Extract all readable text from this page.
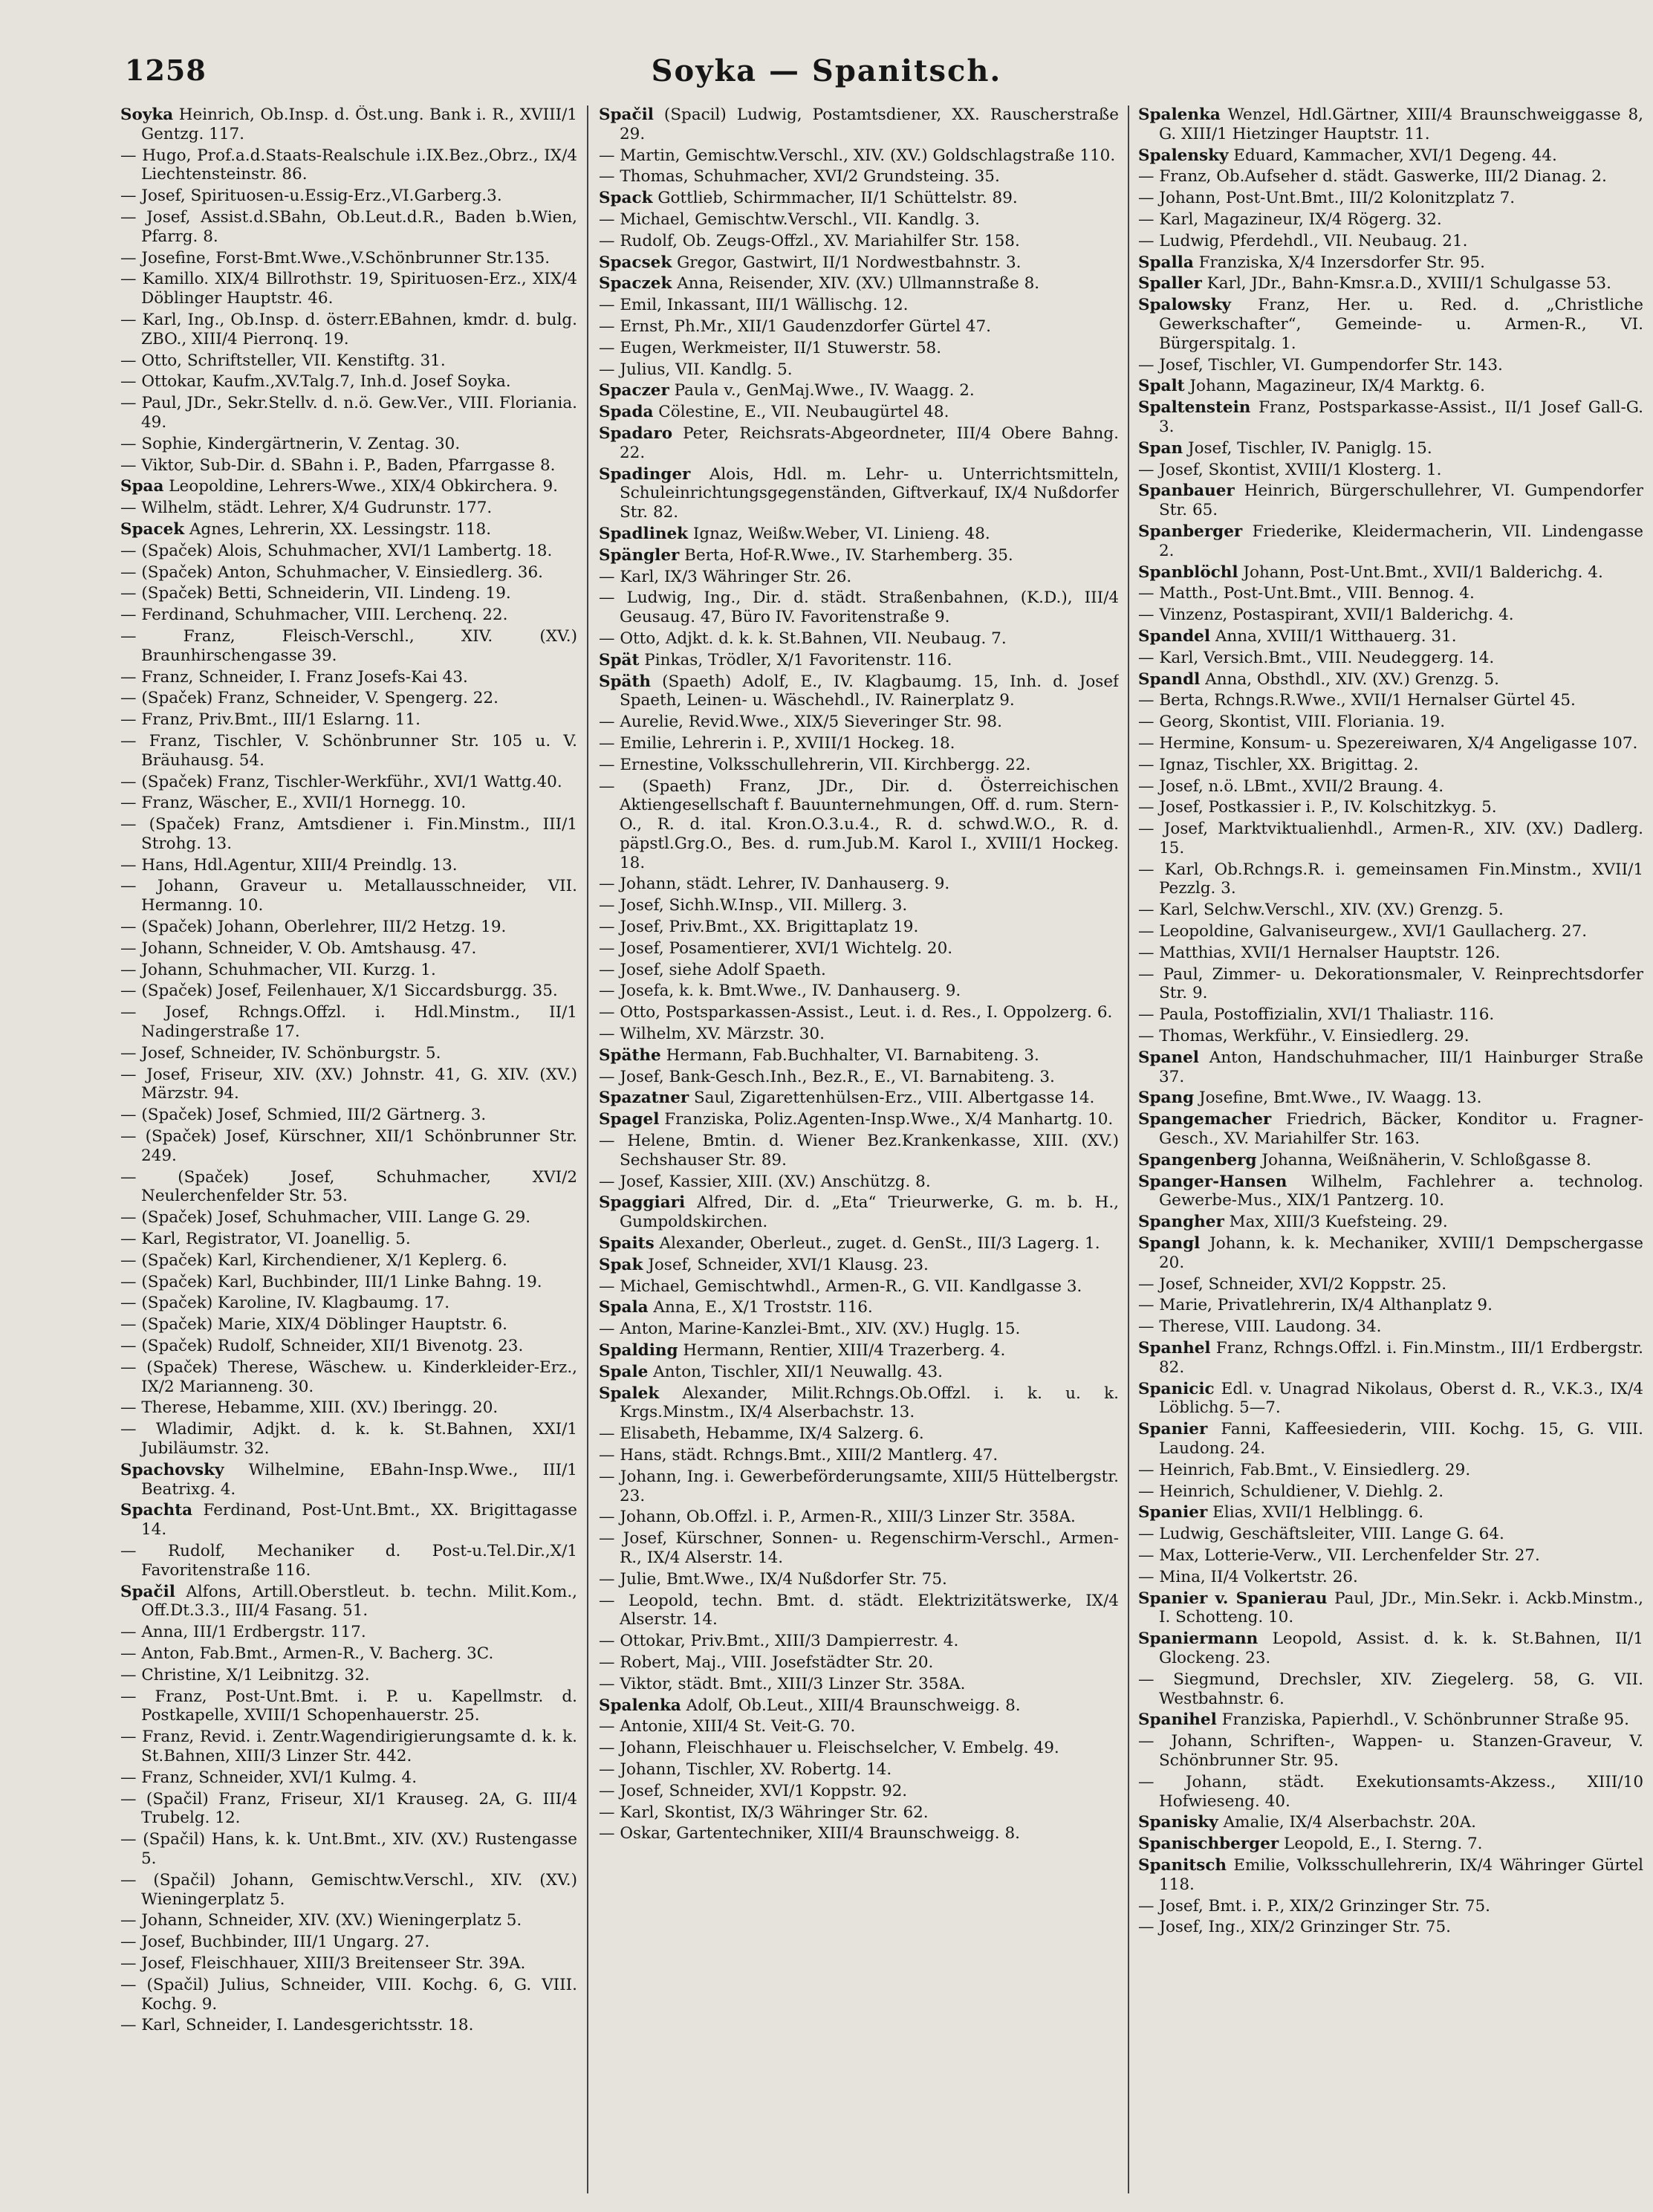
1258	Soyka — Spanitsch.

Soyka Heinrich, Ob.Insp. d. Öst.ung. Bank i. R., XVIII/1 Gentzg. 117.

— Hugo, Prof.a.d.Staats-Realschule i.IX.Bez.,Obrz., IX/4 Liechtensteinstr. 86.

— Josef, Spirituosen-u.Essig-Erz.,VI.Garberg.3.

— Josef, Assist.d.SBahn, Ob.Leut.d.R., Baden b.Wien, Pfarrg. 8.

— Josefine, Forst-Bmt.Wwe.,V.Schönbrunner Str.135.

— Kamillo. XIX/4 Billrothstr. 19, Spirituosen-Erz., XIX/4 Döblinger Hauptstr. 46.

— Karl, Ing., Ob.Insp. d. österr.EBahnen, kmdr. d. bulg. ZBO., XIII/4 Pierronq. 19.

— Otto, Schriftsteller, VII. Kenstiftg. 31.

— Ottokar, Kaufm.,XV.Talg.7, Inh.d. Josef Soyka.

— Paul, JDr., Sekr.Stellv. d. n.ö. Gew.Ver., VIII. Floriania. 49.

— Sophie, Kindergärtnerin, V. Zentag. 30.

— Viktor, Sub-Dir. d. SBahn i. P., Baden, Pfarrgasse 8.

Spaa Leopoldine, Lehrers-Wwe., XIX/4 Obkirchera. 9.

— Wilhelm, städt. Lehrer, X/4 Gudrunstr. 177.

Spacek Agnes, Lehrerin, XX. Lessingstr. 118.

— (Spaček) Alois, Schuhmacher, XVI/1 Lambertg. 18.

— (Spaček) Anton, Schuhmacher, V. Einsiedlerg. 36.

— (Spaček) Betti, Schneiderin, VII. Lindeng. 19.

— Ferdinand, Schuhmacher, VIII. Lerchenq. 22.

— Franz, Fleisch-Verschl., XIV. (XV.) Braunhirschengasse 39.

— Franz, Schneider, I. Franz Josefs-Kai 43.

— (Spaček) Franz, Schneider, V. Spengerg. 22.

— Franz, Priv.Bmt., III/1 Eslarng. 11.

— Franz, Tischler, V. Schönbrunner Str. 105 u. V. Bräuhausg. 54.

— (Spaček) Franz, Tischler-Werkführ., XVI/1 Wattg.40.

— Franz, Wäscher, E., XVII/1 Hornegg. 10.

— (Spaček) Franz, Amtsdiener i. Fin.Minstm., III/1 Strohg. 13.

— Hans, Hdl.Agentur, XIII/4 Preindlg. 13.

— Johann, Graveur u. Metallausschneider, VII. Hermanng. 10.

— (Spaček) Johann, Oberlehrer, III/2 Hetzg. 19.

— Johann, Schneider, V. Ob. Amtshausg. 47.

— Johann, Schuhmacher, VII. Kurzg. 1.

— (Spaček) Josef, Feilenhauer, X/1 Siccardsburgg. 35.

— Josef, Rchngs.Offzl. i. Hdl.Minstm., II/1 Nadingerstraße 17.

— Josef, Schneider, IV. Schönburgstr. 5.

— Josef, Friseur, XIV. (XV.) Johnstr. 41, G. XIV. (XV.) Märzstr. 94.

— (Spaček) Josef, Schmied, III/2 Gärtnerg. 3.

— (Spaček) Josef, Kürschner, XII/1 Schönbrunner Str. 249.

— (Spaček) Josef, Schuhmacher, XVI/2 Neulerchenfelder Str. 53.

— (Spaček) Josef, Schuhmacher, VIII. Lange G. 29.

— Karl, Registrator, VI. Joanellig. 5.

— (Spaček) Karl, Kirchendiener, X/1 Keplerg. 6.

— (Spaček) Karl, Buchbinder, III/1 Linke Bahng. 19.

— (Spaček) Karoline, IV. Klagbaumg. 17.

— (Spaček) Marie, XIX/4 Döblinger Hauptstr. 6.

— (Spaček) Rudolf, Schneider, XII/1 Bivenotg. 23.

— (Spaček) Therese, Wäschew. u. Kinderkleider-Erz., IX/2 Marianneng. 30.

— Therese, Hebamme, XIII. (XV.) Iberingg. 20.

— Wladimir, Adjkt. d. k. k. St.Bahnen, XXI/1 Jubiläumstr. 32.

Spachovsky Wilhelmine, EBahn-Insp.Wwe., III/1 Beatrixg. 4.

Spachta Ferdinand, Post-Unt.Bmt., XX. Brigittagasse 14.

— Rudolf, Mechaniker d. Post-u.Tel.Dir.,X/1 Favoritenstraße 116.

Spačil Alfons, Artill.Oberstleut. b. techn. Milit.Kom., Off.Dt.3.3., III/4 Fasang. 51.

— Anna, III/1 Erdbergstr. 117.

— Anton, Fab.Bmt., Armen-R., V. Bacherg. 3C.

— Christine, X/1 Leibnitzg. 32.

— Franz, Post-Unt.Bmt. i. P. u. Kapellmstr. d. Postkapelle, XVIII/1 Schopenhauerstr. 25.

— Franz, Revid. i. Zentr.Wagendirigierungsamte d. k. k. St.Bahnen, XIII/3 Linzer Str. 442.

— Franz, Schneider, XVI/1 Kulmg. 4.

— (Spačil) Franz, Friseur, XI/1 Krauseg. 2A, G. III/4 Trubelg. 12.

— (Spačil) Hans, k. k. Unt.Bmt., XIV. (XV.) Rustengasse 5.

— (Spačil) Johann, Gemischtw.Verschl., XIV. (XV.) Wieningerplatz 5.

— Johann, Schneider, XIV. (XV.) Wieningerplatz 5.

— Josef, Buchbinder, III/1 Ungarg. 27.

— Josef, Fleischhauer, XIII/3 Breitenseer Str. 39A.

— (Spačil) Julius, Schneider, VIII. Kochg. 6, G. VIII. Kochg. 9.

— Karl, Schneider, I. Landesgerichtsstr. 18.

Spačil (Spacil) Ludwig, Postamtsdiener, XX. Rauscherstraße 29.

— Martin, Gemischtw.Verschl., XIV. (XV.) Goldschlagstraße 110.

— Thomas, Schuhmacher, XVI/2 Grundsteing. 35.

Spack Gottlieb, Schirmmacher, II/1 Schüttelstr. 89.

— Michael, Gemischtw.Verschl., VII. Kandlg. 3.

— Rudolf, Ob. Zeugs-Offzl., XV. Mariahilfer Str. 158.

Spacsek Gregor, Gastwirt, II/1 Nordwestbahnstr. 3.

Spaczek Anna, Reisender, XIV. (XV.) Ullmannstraße 8.

— Emil, Inkassant, III/1 Wällischg. 12.

— Ernst, Ph.Mr., XII/1 Gaudenzdorfer Gürtel 47.

— Eugen, Werkmeister, II/1 Stuwerstr. 58.

— Julius, VII. Kandlg. 5.

Spaczer Paula v., GenMaj.Wwe., IV. Waagg. 2.

Spada Cölestine, E., VII. Neubaugürtel 48.

Spadaro Peter, Reichsrats-Abgeordneter, III/4 Obere Bahng. 22.

Spadinger Alois, Hdl. m. Lehr- u. Unterrichtsmitteln, Schuleinrichtungsgegenständen, Giftverkauf, IX/4 Nußdorfer Str. 82.

Spadlinek Ignaz, Weißw.Weber, VI. Linieng. 48.

Spängler Berta, Hof-R.Wwe., IV. Starhemberg. 35.

— Karl, IX/3 Währinger Str. 26.

— Ludwig, Ing., Dir. d. städt. Straßenbahnen, (K.D.), III/4 Geusaug. 47, Büro IV. Favoritenstraße 9.

— Otto, Adjkt. d. k. k. St.Bahnen, VII. Neubaug. 7.

Spät Pinkas, Trödler, X/1 Favoritenstr. 116.

Späth (Spaeth) Adolf, E., IV. Klagbaumg. 15, Inh. d. Josef Spaeth, Leinen- u. Wäschehdl., IV. Rainerplatz 9.

— Aurelie, Revid.Wwe., XIX/5 Sieveringer Str. 98.

— Emilie, Lehrerin i. P., XVIII/1 Hockeg. 18.

— Ernestine, Volksschullehrerin, VII. Kirchbergg. 22.

— (Spaeth) Franz, JDr., Dir. d. Österreichischen Aktiengesellschaft f. Bauunternehmungen, Off. d. rum. Stern-O., R. d. ital. Kron.O.3.u.4., R. d. schwd.W.O., R. d. päpstl.Grg.O., Bes. d. rum.Jub.M. Karol I., XVIII/1 Hockeg. 18.

— Johann, städt. Lehrer, IV. Danhauserg. 9.

— Josef, Sichh.W.Insp., VII. Millerg. 3.

— Josef, Priv.Bmt., XX. Brigittaplatz 19.

— Josef, Posamentierer, XVI/1 Wichtelg. 20.

— Josef, siehe Adolf Spaeth.

— Josefa, k. k. Bmt.Wwe., IV. Danhauserg. 9.

— Otto, Postsparkassen-Assist., Leut. i. d. Res., I. Oppolzerg. 6.

— Wilhelm, XV. Märzstr. 30.

Späthe Hermann, Fab.Buchhalter, VI. Barnabiteng. 3.

— Josef, Bank-Gesch.Inh., Bez.R., E., VI. Barnabiteng. 3.

Spazatner Saul, Zigarettenhülsen-Erz., VIII. Albertgasse 14.

Spagel Franziska, Poliz.Agenten-Insp.Wwe., X/4 Manhartg. 10.

— Helene, Bmtin. d. Wiener Bez.Krankenkasse, XIII. (XV.) Sechshauser Str. 89.

— Josef, Kassier, XIII. (XV.) Anschützg. 8.

Spaggiari Alfred, Dir. d. „Eta“ Trieurwerke, G. m. b. H., Gumpoldskirchen.

Spaits Alexander, Oberleut., zuget. d. GenSt., III/3 Lagerg. 1.

Spak Josef, Schneider, XVI/1 Klausg. 23.

— Michael, Gemischtwhdl., Armen-R., G. VII. Kandlgasse 3.

Spala Anna, E., X/1 Troststr. 116.

— Anton, Marine-Kanzlei-Bmt., XIV. (XV.) Huglg. 15.

Spalding Hermann, Rentier, XIII/4 Trazerberg. 4.

Spale Anton, Tischler, XII/1 Neuwallg. 43.

Spalek Alexander, Milit.Rchngs.Ob.Offzl. i. k. u. k. Krgs.Minstm., IX/4 Alserbachstr. 13.

— Elisabeth, Hebamme, IX/4 Salzerg. 6.

— Hans, städt. Rchngs.Bmt., XIII/2 Mantlerg. 47.

— Johann, Ing. i. Gewerbeförderungsamte, XIII/5 Hüttelbergstr. 23.

— Johann, Ob.Offzl. i. P., Armen-R., XIII/3 Linzer Str. 358A.

— Josef, Kürschner, Sonnen- u. Regenschirm-Verschl., Armen-R., IX/4 Alserstr. 14.

— Julie, Bmt.Wwe., IX/4 Nußdorfer Str. 75.

— Leopold, techn. Bmt. d. städt. Elektrizitätswerke, IX/4 Alserstr. 14.

— Ottokar, Priv.Bmt., XIII/3 Dampierrestr. 4.

— Robert, Maj., VIII. Josefstädter Str. 20.

— Viktor, städt. Bmt., XIII/3 Linzer Str. 358A.

Spalenka Adolf, Ob.Leut., XIII/4 Braunschweigg. 8.

— Antonie, XIII/4 St. Veit-G. 70.

— Johann, Fleischhauer u. Fleischselcher, V. Embelg. 49.

— Johann, Tischler, XV. Robertg. 14.

— Josef, Schneider, XVI/1 Koppstr. 92.

— Karl, Skontist, IX/3 Währinger Str. 62.

— Oskar, Gartentechniker, XIII/4 Braunschweigg. 8.

Spalenka Wenzel, Hdl.Gärtner, XIII/4 Braunschweiggasse 8, G. XIII/1 Hietzinger Hauptstr. 11.

Spalensky Eduard, Kammacher, XVI/1 Degeng. 44.

— Franz, Ob.Aufseher d. städt. Gaswerke, III/2 Dianag. 2.

— Johann, Post-Unt.Bmt., III/2 Kolonitzplatz 7.

— Karl, Magazineur, IX/4 Rögerg. 32.

— Ludwig, Pferdehdl., VII. Neubaug. 21.

Spalla Franziska, X/4 Inzersdorfer Str. 95.

Spaller Karl, JDr., Bahn-Kmsr.a.D., XVIII/1 Schulgasse 53.

Spalowsky Franz, Her. u. Red. d. „Christliche Gewerkschafter“, Gemeinde- u. Armen-R., VI. Bürgerspitalg. 1.

— Josef, Tischler, VI. Gumpendorfer Str. 143.

Spalt Johann, Magazineur, IX/4 Marktg. 6.

Spaltenstein Franz, Postsparkasse-Assist., II/1 Josef Gall-G. 3.

Span Josef, Tischler, IV. Paniglg. 15.

— Josef, Skontist, XVIII/1 Klosterg. 1.

Spanbauer Heinrich, Bürgerschullehrer, VI. Gumpendorfer Str. 65.

Spanberger Friederike, Kleidermacherin, VII. Lindengasse 2.

Spanblöchl Johann, Post-Unt.Bmt., XVII/1 Balderichg. 4.

— Matth., Post-Unt.Bmt., VIII. Bennog. 4.

— Vinzenz, Postaspirant, XVII/1 Balderichg. 4.

Spandel Anna, XVIII/1 Witthauerg. 31.

— Karl, Versich.Bmt., VIII. Neudeggerg. 14.

Spandl Anna, Obsthdl., XIV. (XV.) Grenzg. 5.

— Berta, Rchngs.R.Wwe., XVII/1 Hernalser Gürtel 45.

— Georg, Skontist, VIII. Floriania. 19.

— Hermine, Konsum- u. Spezereiwaren, X/4 Angeligasse 107.

— Ignaz, Tischler, XX. Brigittag. 2.

— Josef, n.ö. LBmt., XVII/2 Braung. 4.

— Josef, Postkassier i. P., IV. Kolschitzkyg. 5.

— Josef, Marktviktualienhdl., Armen-R., XIV. (XV.) Dadlerg. 15.

— Karl, Ob.Rchngs.R. i. gemeinsamen Fin.Minstm., XVII/1 Pezzlg. 3.

— Karl, Selchw.Verschl., XIV. (XV.) Grenzg. 5.

— Leopoldine, Galvaniseurgew., XVI/1 Gaullacherg. 27.

— Matthias, XVII/1 Hernalser Hauptstr. 126.

— Paul, Zimmer- u. Dekorationsmaler, V. Reinprechtsdorfer Str. 9.

— Paula, Postoffizialin, XVI/1 Thaliastr. 116.

— Thomas, Werkführ., V. Einsiedlerg. 29.

Spanel Anton, Handschuhmacher, III/1 Hainburger Straße 37.

Spang Josefine, Bmt.Wwe., IV. Waagg. 13.

Spangemacher Friedrich, Bäcker, Konditor u. Fragner-Gesch., XV. Mariahilfer Str. 163.

Spangenberg Johanna, Weißnäherin, V. Schloßgasse 8.

Spanger-Hansen Wilhelm, Fachlehrer a. technolog. Gewerbe-Mus., XIX/1 Pantzerg. 10.

Spangher Max, XIII/3 Kuefsteing. 29.

Spangl Johann, k. k. Mechaniker, XVIII/1 Dempschergasse 20.

— Josef, Schneider, XVI/2 Koppstr. 25.

— Marie, Privatlehrerin, IX/4 Althanplatz 9.

— Therese, VIII. Laudong. 34.

Spanhel Franz, Rchngs.Offzl. i. Fin.Minstm., III/1 Erdbergstr. 82.

Spanicic Edl. v. Unagrad Nikolaus, Oberst d. R., V.K.3., IX/4 Löblichg. 5—7.

Spanier Fanni, Kaffeesiederin, VIII. Kochg. 15, G. VIII. Laudong. 24.

— Heinrich, Fab.Bmt., V. Einsiedlerg. 29.

— Heinrich, Schuldiener, V. Diehlg. 2.

Spanier Elias, XVII/1 Helblingg. 6.

— Ludwig, Geschäftsleiter, VIII. Lange G. 64.

— Max, Lotterie-Verw., VII. Lerchenfelder Str. 27.

— Mina, II/4 Volkertstr. 26.

Spanier v. Spanierau Paul, JDr., Min.Sekr. i. Ackb.Minstm., I. Schotteng. 10.

Spaniermann Leopold, Assist. d. k. k. St.Bahnen, II/1 Glockeng. 23.

— Siegmund, Drechsler, XIV. Ziegelerg. 58, G. VII. Westbahnstr. 6.

Spanihel Franziska, Papierhdl., V. Schönbrunner Straße 95.

— Johann, Schriften-, Wappen- u. Stanzen-Graveur, V. Schönbrunner Str. 95.

— Johann, städt. Exekutionsamts-Akzess., XIII/10 Hofwieseng. 40.

Spanisky Amalie, IX/4 Alserbachstr. 20A.

Spanischberger Leopold, E., I. Sterng. 7.

Spanitsch Emilie, Volksschullehrerin, IX/4 Währinger Gürtel 118.

— Josef, Bmt. i. P., XIX/2 Grinzinger Str. 75.

— Josef, Ing., XIX/2 Grinzinger Str. 75.
